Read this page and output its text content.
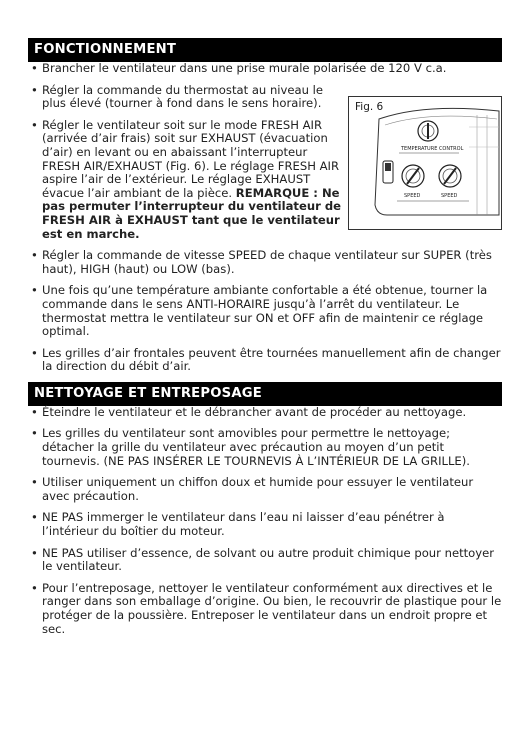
FONCTIONNEMENT
• Brancher le ventilateur dans une prise murale polarisée de 120 V c.a.
• Régler la commande du thermostat au niveau le plus élevé (tourner à fond dans le sens horaire).
• Régler le ventilateur soit sur le mode FRESH AIR (arrivée d’air frais) soit sur EXHAUST (évacuation d’air) en levant ou en abaissant l’interrupteur FRESH AIR/EXHAUST (Fig. 6). Le réglage FRESH AIR aspire l’air de l’extérieur. Le réglage EXHAUST évacue l’air ambiant de la pièce. REMARQUE : Ne pas permuter l’interrupteur du ventilateur de FRESH AIR à EXHAUST tant que le ventilateur est en marche.
• Régler la commande de vitesse SPEED de chaque ventilateur sur SUPER (très haut), HIGH (haut) ou LOW (bas).
• Une fois qu’une température ambiante confortable a été obtenue, tourner la commande dans le sens ANTI-HORAIRE jusqu’à l’arrêt du ventilateur. Le thermostat mettra le ventilateur sur ON et OFF afin de maintenir ce réglage optimal.
• Les grilles d’air frontales peuvent être tournées manuellement afin de changer la direction du débit d’air.
NETTOYAGE ET ENTREPOSAGE
• Éteindre le ventilateur et le débrancher avant de procéder au nettoyage.
• Les grilles du ventilateur sont amovibles pour permettre le nettoyage; détacher la grille du ventilateur avec précaution au moyen d’un petit tournevis. (NE PAS INSÉRER LE TOURNEVIS À L’INTÉRIEUR DE LA GRILLE).
• Utiliser uniquement un chiffon doux et humide pour essuyer le ventilateur avec précaution.
• NE PAS immerger le ventilateur dans l’eau ni laisser d’eau pénétrer à l’intérieur du boîtier du moteur.
• NE PAS utiliser d’essence, de solvant ou autre produit chimique pour nettoyer le ventilateur.
• Pour l’entreposage, nettoyer le ventilateur conformément aux directives et le ranger dans son emballage d’origine. Ou bien, le recouvrir de plastique pour le protéger de la poussière. Entreposer le ventilateur dans un endroit propre et sec.
Fig. 6
TEMPERATURE CONTROL
SPEED	SPEED
